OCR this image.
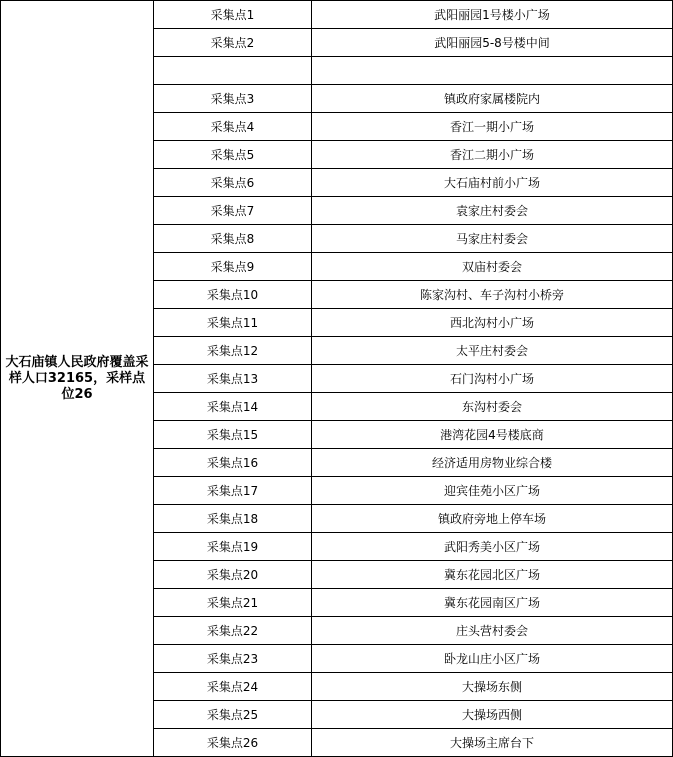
大石庙镇人民政府覆盖采样人口32165，采样点位26	采集点1	武阳丽园1号楼小广场
	采集点2	武阳丽园5-8号楼中间

	采集点3	镇政府家属楼院内
	采集点4	香江一期小广场
	采集点5	香江二期小广场
	采集点6	大石庙村前小广场
	采集点7	袁家庄村委会
	采集点8	马家庄村委会
	采集点9	双庙村委会
	采集点10	陈家沟村、车子沟村小桥旁
	采集点11	西北沟村小广场
	采集点12	太平庄村委会
	采集点13	石门沟村小广场
	采集点14	东沟村委会
	采集点15	港湾花园4号楼底商
	采集点16	经济适用房物业综合楼
	采集点17	迎宾佳苑小区广场
	采集点18	镇政府旁地上停车场
	采集点19	武阳秀美小区广场
	采集点20	冀东花园北区广场
	采集点21	冀东花园南区广场
	采集点22	庄头营村委会
	采集点23	卧龙山庄小区广场
	采集点24	大操场东侧
	采集点25	大操场西侧
	采集点26	大操场主席台下
